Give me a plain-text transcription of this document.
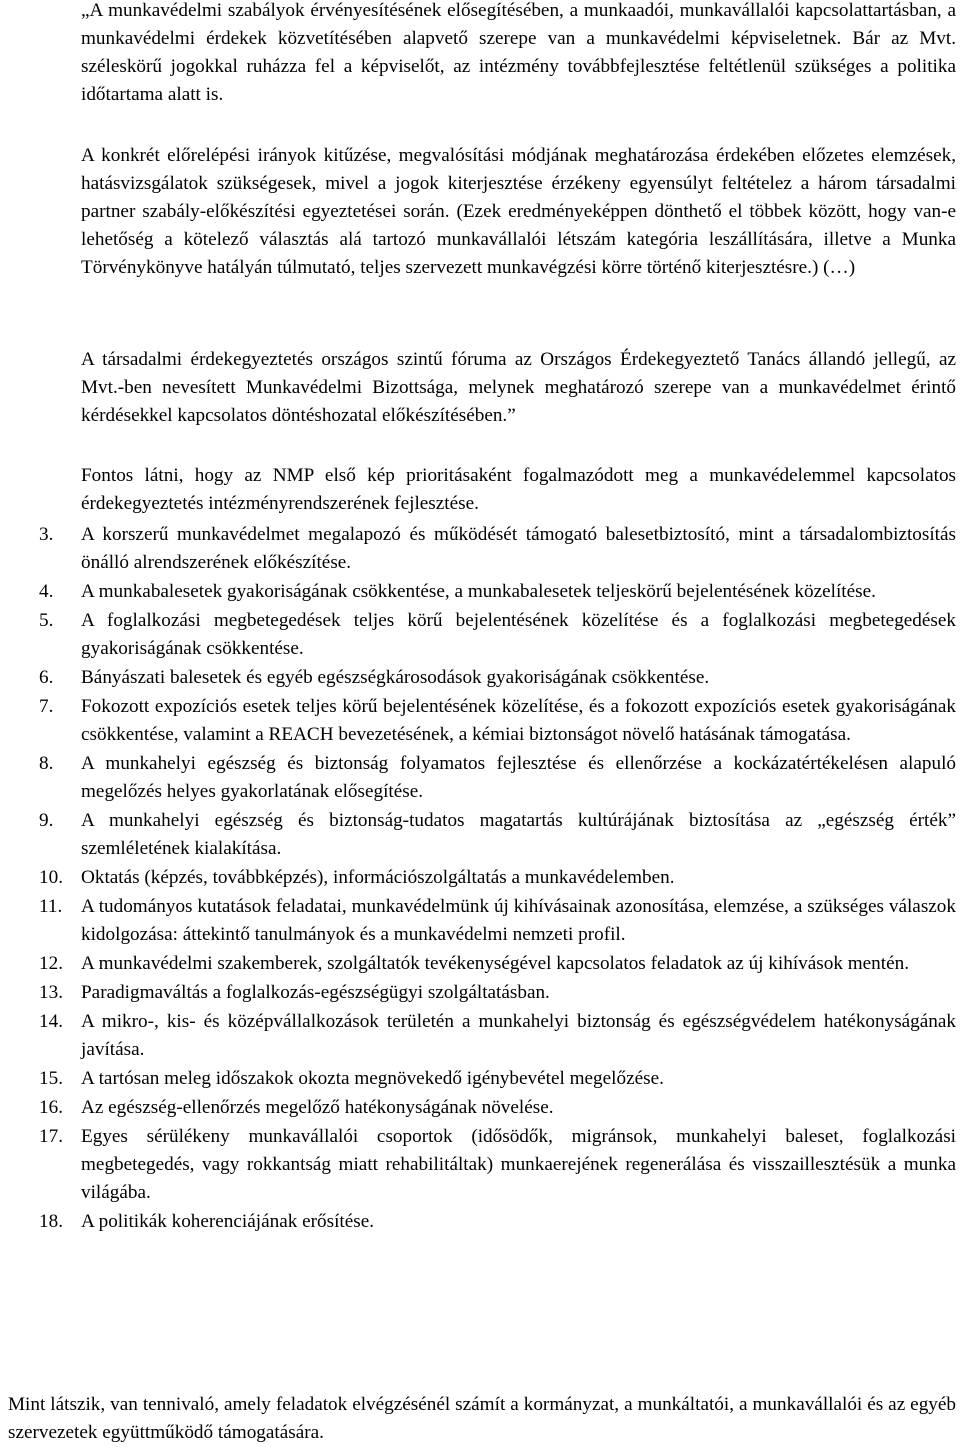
„A munkavédelmi szabályok érvényesítésének elősegítésében, a munkaadói, munkavállalói kapcsolattartásban, a munkavédelmi érdekek közvetítésében alapvető szerepe van a munkavédelmi képviseletnek. Bár az Mvt. széleskörű jogokkal ruházza fel a képviselőt, az intézmény továbbfejlesztése feltétlenül szükséges a politika időtartama alatt is.

A konkrét előrelépési irányok kitűzése, megvalósítási módjának meghatározása érdekében előzetes elemzések, hatásvizsgálatok szükségesek, mivel a jogok kiterjesztése érzékeny egyensúlyt feltételez a három társadalmi partner szabály-előkészítési egyeztetései során. (Ezek eredményeképpen dönthető el többek között, hogy van-e lehetőség a kötelező választás alá tartozó munkavállalói létszám kategória leszállítására, illetve a Munka Törvénykönyve hatályán túlmutató, teljes szervezett munkavégzési körre történő kiterjesztésre.) (…)

A társadalmi érdekegyeztetés országos szintű fóruma az Országos Érdekegyeztető Tanács állandó jellegű, az Mvt.-ben nevesített Munkavédelmi Bizottsága, melynek meghatározó szerepe van a munkavédelmet érintő kérdésekkel kapcsolatos döntéshozatal előkészítésében.”

Fontos látni, hogy az NMP első kép prioritásaként fogalmazódott meg a munkavédelemmel kapcsolatos érdekegyeztetés intézményrendszerének fejlesztése.

3.	A korszerű munkavédelmet megalapozó és működését támogató balesetbiztosító, mint a társadalombiztosítás önálló alrendszerének előkészítése.
4.	A munkabalesetek gyakoriságának csökkentése, a munkabalesetek teljeskörű bejelentésének közelítése.
5.	A foglalkozási megbetegedések teljes körű bejelentésének közelítése és a foglalkozási megbetegedések gyakoriságának csökkentése.
6.	Bányászati balesetek és egyéb egészségkárosodások gyakoriságának csökkentése.
7.	Fokozott expozíciós esetek teljes körű bejelentésének közelítése, és a fokozott expozíciós esetek gyakoriságának csökkentése, valamint a REACH bevezetésének, a kémiai biztonságot növelő hatásának támogatása.
8.	A munkahelyi egészség és biztonság folyamatos fejlesztése és ellenőrzése a kockázatértékelésen alapuló megelőzés helyes gyakorlatának elősegítése.
9.	A munkahelyi egészség és biztonság-tudatos magatartás kultúrájának biztosítása az „egészség érték” szemléletének kialakítása.
10. Oktatás (képzés, továbbképzés), információszolgáltatás a munkavédelemben.
11. A tudományos kutatások feladatai, munkavédelmünk új kihívásainak azonosítása, elemzése, a szükséges válaszok kidolgozása: áttekintő tanulmányok és a munkavédelmi nemzeti profil.
12. A munkavédelmi szakemberek, szolgáltatók tevékenységével kapcsolatos feladatok az új kihívások mentén.
13. Paradigmaváltás a foglalkozás-egészségügyi szolgáltatásban.
14. A mikro-, kis- és középvállalkozások területén a munkahelyi biztonság és egészségvédelem hatékonyságának javítása.
15. A tartósan meleg időszakok okozta megnövekedő igénybevétel megelőzése.
16. Az egészség-ellenőrzés megelőző hatékonyságának növelése.
17. Egyes sérülékeny munkavállalói csoportok (idősödők, migránsok, munkahelyi baleset, foglalkozási megbetegedés, vagy rokkantság miatt rehabilitáltak) munkaerejének regenerálása és visszaillesztésük a munka világába.
18. A politikák koherenciájának erősítése.

Mint látszik, van tennivaló, amely feladatok elvégzésénél számít a kormányzat, a munkáltatói, a munkavállalói és az egyéb szervezetek együttműködő támogatására.
